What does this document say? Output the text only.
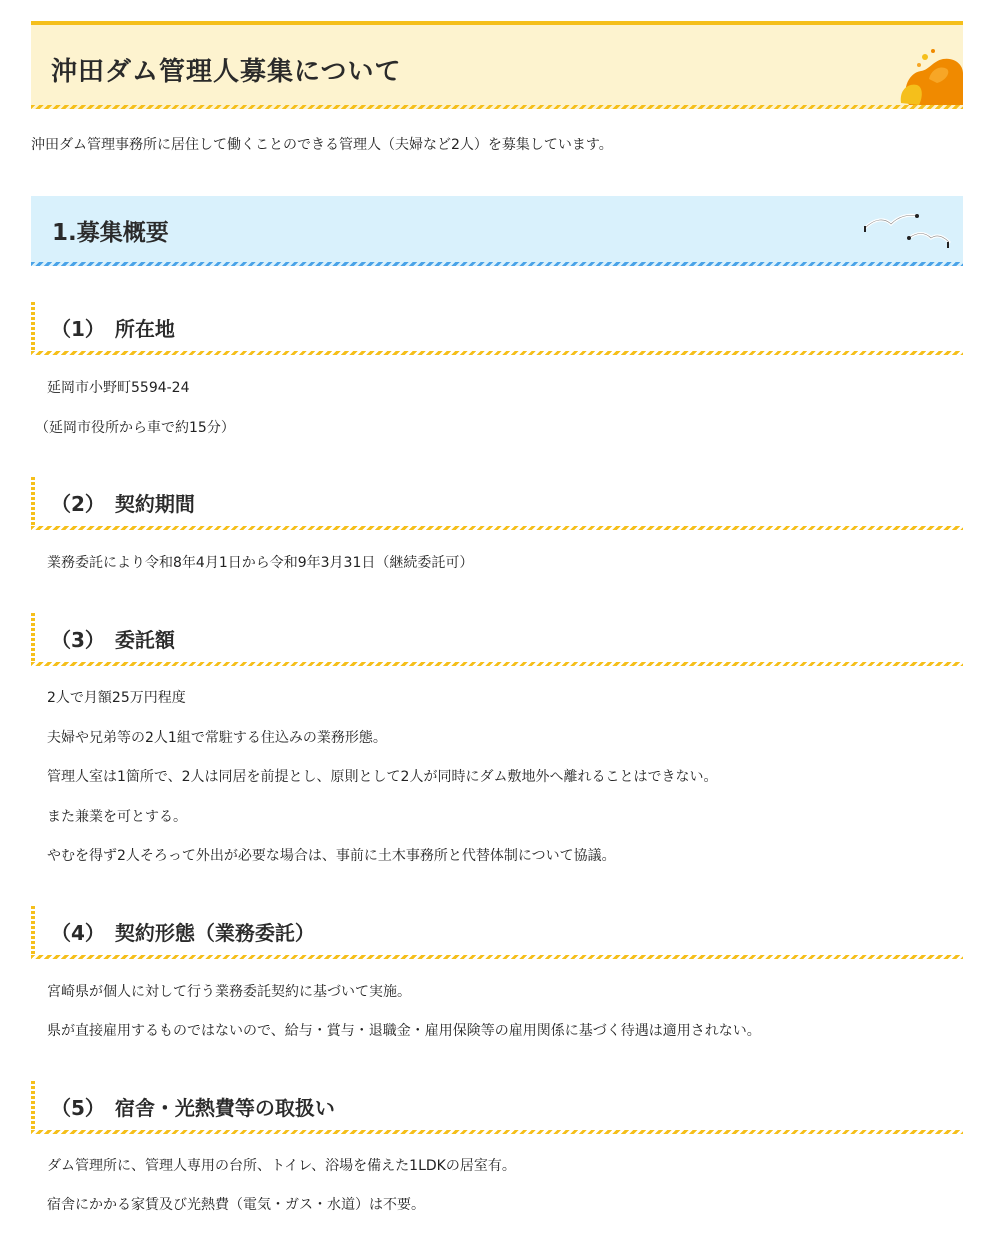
沖田ダム管理人募集について

沖田ダム管理事務所に居住して働くことのできる管理人（夫婦など2人）を募集しています。

1.募集概要
（1）　所在地

延岡市小野町5594-24

（延岡市役所から車で約15分）

（2）　契約期間

業務委託により令和8年4月1日から令和9年3月31日（継続委託可）

（3）　委託額

2人で月額25万円程度

夫婦や兄弟等の2人1組で常駐する住込みの業務形態。

管理人室は1箇所で、2人は同居を前提とし、原則として2人が同時にダム敷地外へ離れることはできない。

また兼業を可とする。

やむを得ず2人そろって外出が必要な場合は、事前に土木事務所と代替体制について協議。

（4）　契約形態（業務委託）

宮崎県が個人に対して行う業務委託契約に基づいて実施。

県が直接雇用するものではないので、給与・賞与・退職金・雇用保険等の雇用関係に基づく待遇は適用されない。

（5）　宿舎・光熱費等の取扱い

ダム管理所に、管理人専用の台所、トイレ、浴場を備えた1LDKの居室有。

宿舎にかかる家賃及び光熱費（電気・ガス・水道）は不要。
